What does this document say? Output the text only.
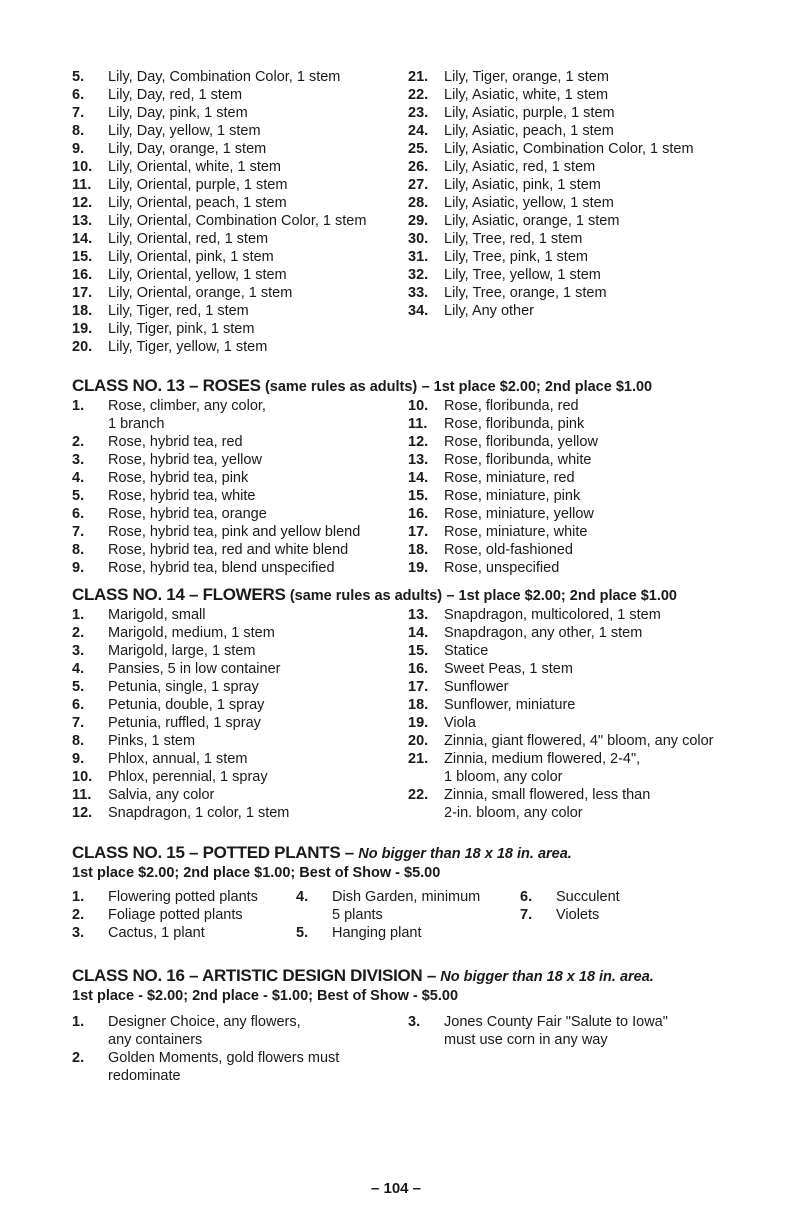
5.	Lily, Day, Combination Color, 1 stem
6.	Lily, Day, red, 1 stem
7.	Lily, Day, pink, 1 stem
8.	Lily, Day, yellow, 1 stem
9.	Lily, Day, orange, 1 stem
10.	Lily, Oriental, white, 1 stem
11.	Lily, Oriental, purple, 1 stem
12.	Lily, Oriental, peach, 1 stem
13.	Lily, Oriental, Combination Color, 1 stem
14.	Lily, Oriental, red, 1 stem
15.	Lily, Oriental, pink, 1 stem
16.	Lily, Oriental, yellow, 1 stem
17.	Lily, Oriental, orange, 1 stem
18.	Lily, Tiger, red, 1 stem
19.	Lily, Tiger, pink, 1 stem
20.	Lily, Tiger, yellow, 1 stem
21.	Lily, Tiger, orange, 1 stem
22.	Lily, Asiatic, white, 1 stem
23.	Lily, Asiatic, purple, 1 stem
24.	Lily, Asiatic, peach, 1 stem
25.	Lily, Asiatic, Combination Color, 1 stem
26.	Lily, Asiatic, red, 1 stem
27.	Lily, Asiatic, pink, 1 stem
28.	Lily, Asiatic, yellow, 1 stem
29.	Lily, Asiatic, orange, 1 stem
30.	Lily, Tree, red, 1 stem
31.	Lily, Tree, pink, 1 stem
32.	Lily, Tree, yellow, 1 stem
33.	Lily, Tree, orange, 1 stem
34.	Lily, Any other

CLASS NO. 13 – ROSES (same rules as adults) – 1st place $2.00; 2nd place $1.00

1.	Rose, climber, any color,
1 branch
2.	Rose, hybrid tea, red
3.	Rose, hybrid tea, yellow
4.	Rose, hybrid tea, pink
5.	Rose, hybrid tea, white
6.	Rose, hybrid tea, orange
7.	Rose, hybrid tea, pink and yellow blend
8.	Rose, hybrid tea, red and white blend
9.	Rose, hybrid tea, blend unspecified
10.	Rose, floribunda, red
11.	Rose, floribunda, pink
12.	Rose, floribunda, yellow
13.	Rose, floribunda, white
14.	Rose, miniature, red
15.	Rose, miniature, pink
16.	Rose, miniature, yellow
17.	Rose, miniature, white
18.	Rose, old-fashioned
19.	Rose, unspecified

CLASS NO. 14 – FLOWERS (same rules as adults) – 1st place $2.00; 2nd place $1.00

1.	Marigold, small
2.	Marigold, medium, 1 stem
3.	Marigold, large, 1 stem
4.	Pansies, 5 in low container
5.	Petunia, single, 1 spray
6.	Petunia, double, 1 spray
7.	Petunia, ruffled, 1 spray
8.	Pinks, 1 stem
9.	Phlox, annual, 1 stem
10.	Phlox, perennial, 1 spray
11.	Salvia, any color
12.	Snapdragon, 1 color, 1 stem
13.	Snapdragon, multicolored, 1 stem
14.	Snapdragon, any other, 1 stem
15.	Statice
16.	Sweet Peas, 1 stem
17.	Sunflower
18.	Sunflower, miniature
19.	Viola
20.	Zinnia, giant flowered, 4" bloom, any color
21.	Zinnia, medium flowered, 2-4",
1 bloom, any color
22.	Zinnia, small flowered, less than
2-in. bloom, any color

CLASS NO. 15 – POTTED PLANTS – No bigger than 18 x 18 in. area.

1st place $2.00; 2nd place $1.00; Best of Show - $5.00

1.	Flowering potted plants
2.	Foliage potted plants
3.	Cactus, 1 plant
4.	Dish Garden, minimum
5 plants
5.	Hanging plant
6.	Succulent
7.	Violets

CLASS NO. 16 – ARTISTIC DESIGN DIVISION – No bigger than 18 x 18 in. area.

1st place - $2.00; 2nd place - $1.00; Best of Show - $5.00

1.	Designer Choice, any flowers,
any containers
2.	Golden Moments, gold flowers must
redominate
3.	Jones County Fair "Salute to Iowa"
must use corn in any way
– 104 –
